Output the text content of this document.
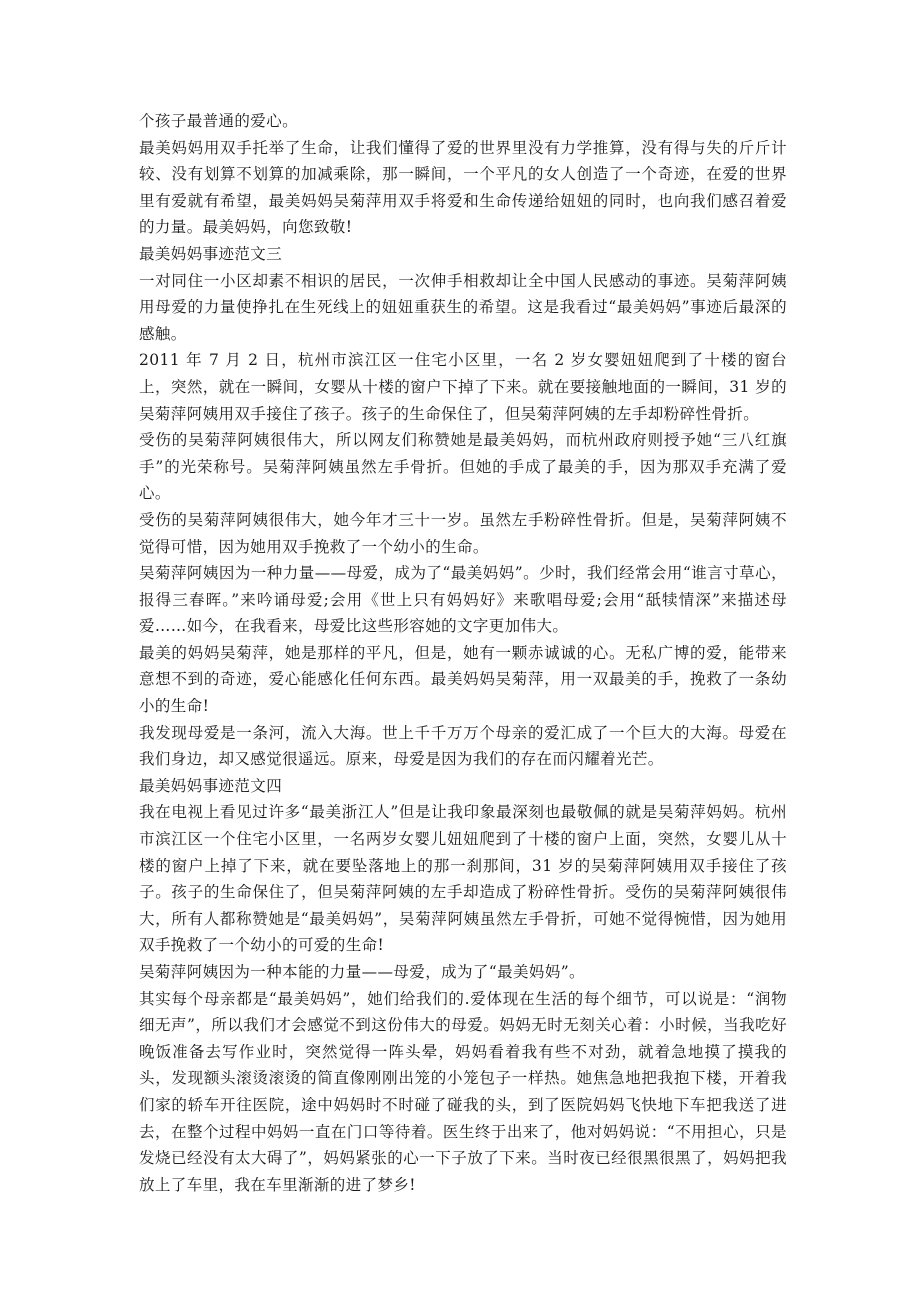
个孩子最普通的爱心。

最美妈妈用双手托举了生命，让我们懂得了爱的世界里没有力学推算，没有得与失的斤斤计较、没有划算不划算的加减乘除，那一瞬间，一个平凡的女人创造了一个奇迹，在爱的世界里有爱就有希望，最美妈妈吴菊萍用双手将爱和生命传递给妞妞的同时，也向我们感召着爱的力量。最美妈妈，向您致敬!

最美妈妈事迹范文三

一对同住一小区却素不相识的居民，一次伸手相救却让全中国人民感动的事迹。吴菊萍阿姨用母爱的力量使挣扎在生死线上的妞妞重获生的希望。这是我看过“最美妈妈”事迹后最深的感触。

2011 年 7 月 2 日，杭州市滨江区一住宅小区里，一名 2 岁女婴妞妞爬到了十楼的窗台上，突然，就在一瞬间，女婴从十楼的窗户下掉了下来。就在要接触地面的一瞬间，31 岁的吴菊萍阿姨用双手接住了孩子。孩子的生命保住了，但吴菊萍阿姨的左手却粉碎性骨折。

受伤的吴菊萍阿姨很伟大，所以网友们称赞她是最美妈妈，而杭州政府则授予她“三八红旗手”的光荣称号。吴菊萍阿姨虽然左手骨折。但她的手成了最美的手，因为那双手充满了爱心。

受伤的吴菊萍阿姨很伟大，她今年才三十一岁。虽然左手粉碎性骨折。但是，吴菊萍阿姨不觉得可惜，因为她用双手挽救了一个幼小的生命。

吴菊萍阿姨因为一种力量——母爱，成为了“最美妈妈”。少时，我们经常会用“谁言寸草心，报得三春晖。”来吟诵母爱;会用《世上只有妈妈好》来歌唱母爱;会用“舐犊情深”来描述母爱……如今，在我看来，母爱比这些形容她的文字更加伟大。

最美的妈妈吴菊萍，她是那样的平凡，但是，她有一颗赤诚诚的心。无私广博的爱，能带来意想不到的奇迹，爱心能感化任何东西。最美妈妈吴菊萍，用一双最美的手，挽救了一条幼小的生命!

我发现母爱是一条河，流入大海。世上千千万万个母亲的爱汇成了一个巨大的大海。母爱在我们身边，却又感觉很遥远。原来，母爱是因为我们的存在而闪耀着光芒。

最美妈妈事迹范文四

我在电视上看见过许多“最美浙江人”但是让我印象最深刻也最敬佩的就是吴菊萍妈妈。杭州市滨江区一个住宅小区里，一名两岁女婴儿妞妞爬到了十楼的窗户上面，突然，女婴儿从十楼的窗户上掉了下来，就在要坠落地上的那一刹那间，31 岁的吴菊萍阿姨用双手接住了孩子。孩子的生命保住了，但吴菊萍阿姨的左手却造成了粉碎性骨折。受伤的吴菊萍阿姨很伟大，所有人都称赞她是“最美妈妈”，吴菊萍阿姨虽然左手骨折，可她不觉得惋惜，因为她用双手挽救了一个幼小的可爱的生命!

吴菊萍阿姨因为一种本能的力量——母爱，成为了“最美妈妈”。

其实每个母亲都是“最美妈妈”，她们给我们的.爱体现在生活的每个细节，可以说是：“润物细无声”，所以我们才会感觉不到这份伟大的母爱。妈妈无时无刻关心着：小时候，当我吃好晚饭准备去写作业时，突然觉得一阵头晕，妈妈看着我有些不对劲，就着急地摸了摸我的头，发现额头滚烫滚烫的简直像刚刚出笼的小笼包子一样热。她焦急地把我抱下楼，开着我们家的轿车开往医院，途中妈妈时不时碰了碰我的头，到了医院妈妈飞快地下车把我送了进去，在整个过程中妈妈一直在门口等待着。医生终于出来了，他对妈妈说：“不用担心，只是发烧已经没有太大碍了”，妈妈紧张的心一下子放了下来。当时夜已经很黑很黑了，妈妈把我放上了车里，我在车里渐渐的进了梦乡!
